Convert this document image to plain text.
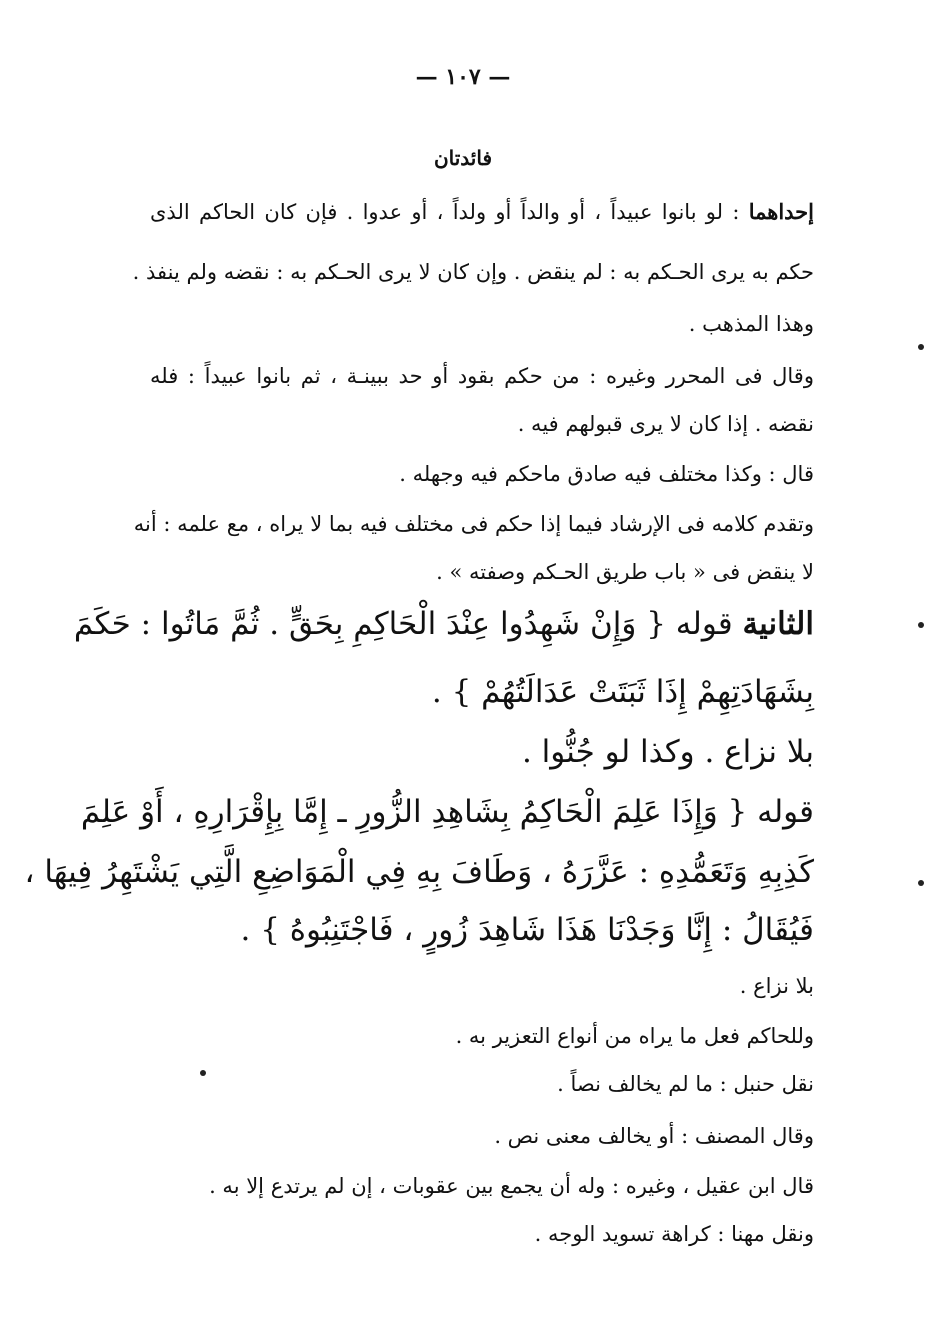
— ١٠٧ —
فائدتان
إحداهما : لو بانوا عبيداً ، أو والداً أو ولداً ، أو عدوا . فإن كان الحاكم الذى
حكم به يرى الحـكم به : لم ينقض . وإن كان لا يرى الحـكم به : نقضه ولم ينفذ .
وهذا المذهب .
وقال فى المحرر وغيره : من حكم بقود أو حد ببينـة ، ثم بانوا عبيداً : فله
نقضه . إذا كان لا يرى قبولهم فيه .
قال : وكذا مختلف فيه صادق ماحكم فيه وجهله .
وتقدم كلامه فى الإرشاد فيما إذا حكم فى مختلف فيه بما لا يراه ، مع علمه : أنه
لا ينقض فى « باب طريق الحـكم وصفته » .
الثانية قوله { وَإِنْ شَهِدُوا عِنْدَ الْحَاكِمِ بِحَقٍّ . ثُمَّ مَاتُوا : حَكَمَ
بِشَهَادَتِهِمْ إِذَا ثَبَتَتْ عَدَالَتُهُمْ } .
بلا نزاع . وكذا لو جُنُّوا .
قوله { وَإِذَا عَلِمَ الْحَاكِمُ بِشَاهِدِ الزُّورِ ـ إِمَّا بِإِقْرَارِهِ ، أَوْ عَلِمَ
كَذِبِهِ وَتَعَمُّدِهِ : عَزَّرَهُ ، وَطَافَ بِهِ فِي الْمَوَاضِعِ الَّتِي يَشْتَهِرُ فِيهَا ،
فَيُقَالُ : إِنَّا وَجَدْنَا هَذَا شَاهِدَ زُورٍ ، فَاجْتَنِبُوهُ } .
بلا نزاع .
وللحاكم فعل ما يراه من أنواع التعزير به .
نقل حنبل : ما لم يخالف نصاً .
وقال المصنف : أو يخالف معنى نص .
قال ابن عقيل ، وغيره : وله أن يجمع بين عقوبات ، إن لم يرتدع إلا به .
ونقل مهنا : كراهة تسويد الوجه .
